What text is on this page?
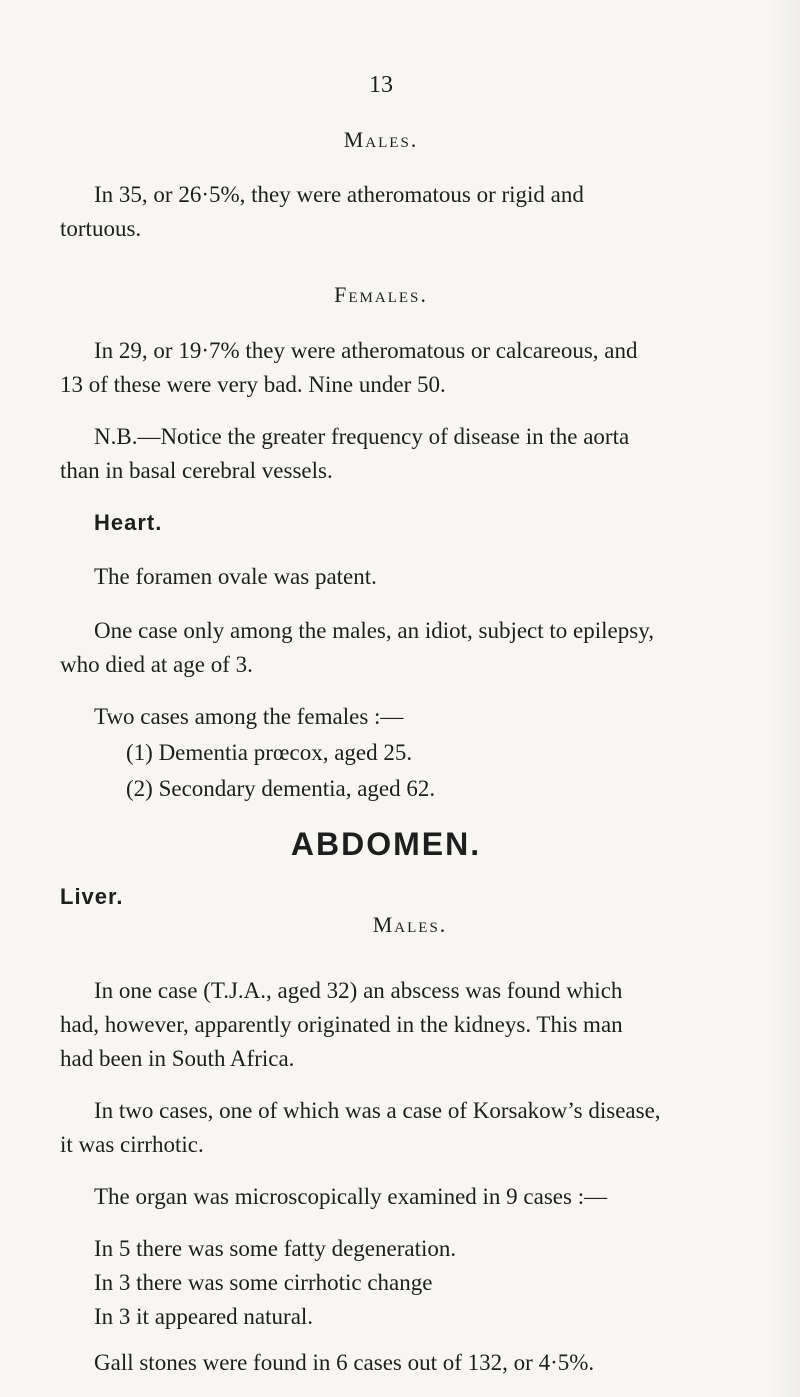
13
Males.
In 35, or 26·5%, they were atheromatous or rigid and
tortuous.
Females.
In 29, or 19·7% they were atheromatous or calcareous, and
13 of these were very bad. Nine under 50.
N.B.—Notice the greater frequency of disease in the aorta
than in basal cerebral vessels.
Heart.
The foramen ovale was patent.
One case only among the males, an idiot, subject to epilepsy,
who died at age of 3.
Two cases among the females :—
(1) Dementia prœcox, aged 25.
(2) Secondary dementia, aged 62.
ABDOMEN.
Liver.
Males.
In one case (T.J.A., aged 32) an abscess was found which
had, however, apparently originated in the kidneys. This man
had been in South Africa.
In two cases, one of which was a case of Korsakow’s disease,
it was cirrhotic.
The organ was microscopically examined in 9 cases :—
In 5 there was some fatty degeneration.
In 3 there was some cirrhotic change
In 3 it appeared natural.
Gall stones were found in 6 cases out of 132, or 4·5%.
